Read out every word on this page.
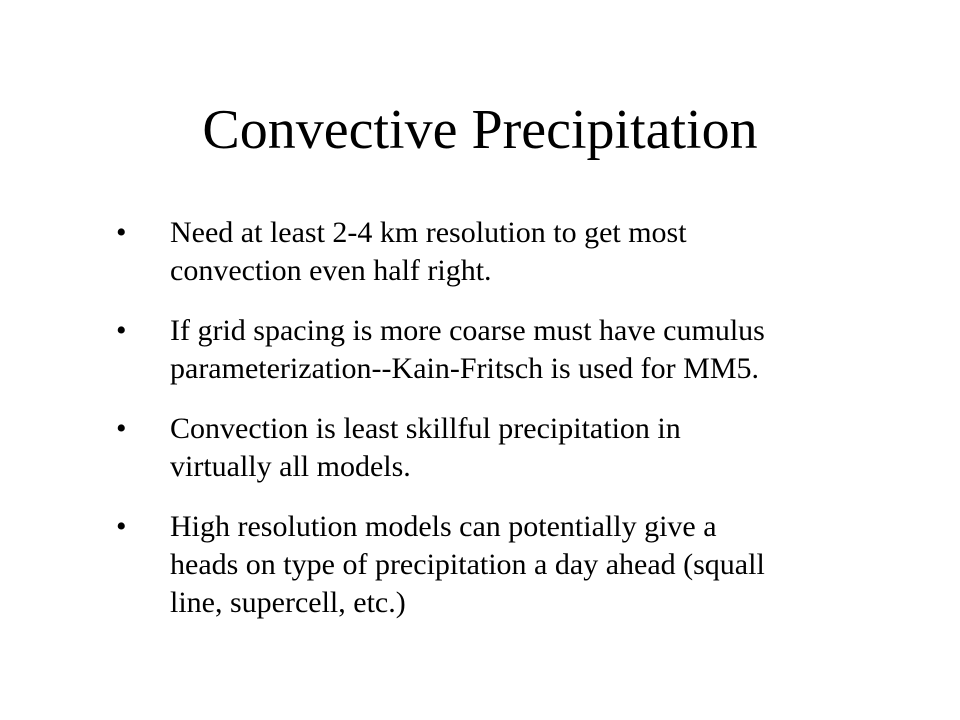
Convective Precipitation
• Need at least 2-4 km resolution to get most
convection even half right.
• If grid spacing is more coarse must have cumulus
parameterization--Kain-Fritsch is used for MM5.
• Convection is least skillful precipitation in
virtually all models.
• High resolution models can potentially give a
heads on type of precipitation a day ahead (squall
line, supercell, etc.)
